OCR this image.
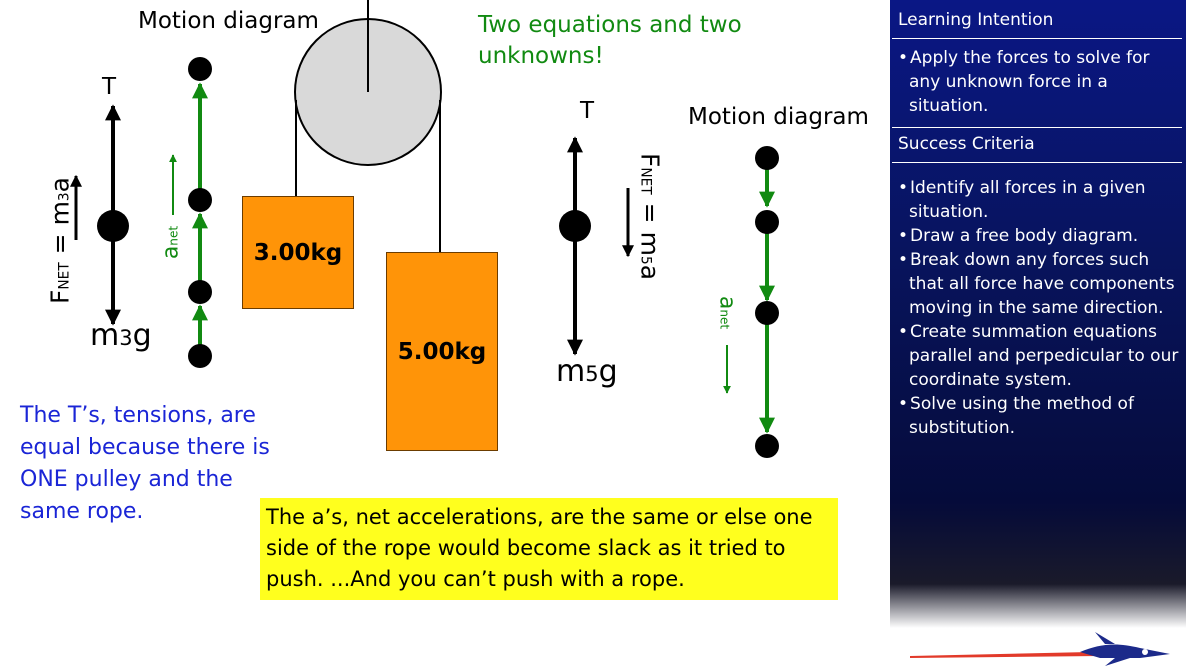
3.00kg
5.00kg
Motion diagram
T
FNET = m3a
m3g
anet
Motion diagram
T
FNET = m5a
m5g
anet
Two equations and two unknowns!
The T’s, tensions, are equal because there is ONE pulley and the same rope.	The a’s, net accelerations, are the same or else one side of the rope would become slack as it tried to push. ...And you can’t push with a rope.
Learning Intention
• Apply the forces to solve for any unknown force in a situation.
Success Criteria
• Identify all forces in a given situation.
• Draw a free body diagram.
• Break down any forces such that all force have components moving in the same direction.
• Create summation equations parallel and perpedicular to our coordinate system.
• Solve using the method of substitution.
